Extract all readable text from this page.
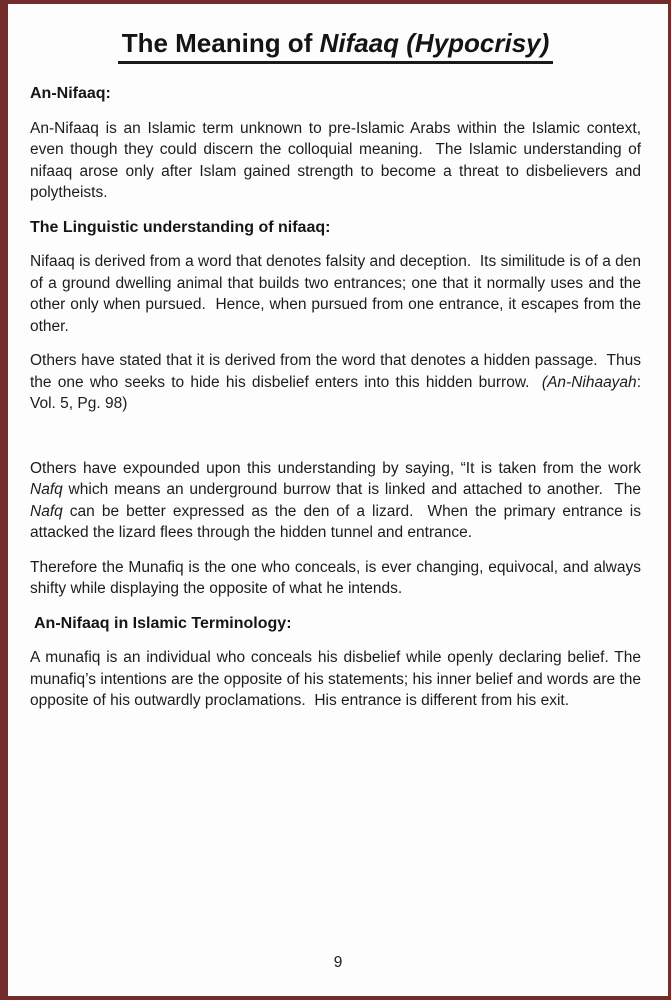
The Meaning of Nifaaq (Hypocrisy)
An-Nifaaq:

An-Nifaaq is an Islamic term unknown to pre-Islamic Arabs within the Islamic context, even though they could discern the colloquial meaning.  The Islamic understanding of nifaaq arose only after Islam gained strength to become a threat to disbelievers and polytheists.

The Linguistic understanding of nifaaq:

Nifaaq is derived from a word that denotes falsity and deception.  Its similitude is of a den of a ground dwelling animal that builds two entrances; one that it normally uses and the other only when pursued.  Hence, when pursued from one entrance, it escapes from the other.

Others have stated that it is derived from the word that denotes a hidden passage.  Thus the one who seeks to hide his disbelief enters into this hidden burrow.  (An-Nihaayah: Vol. 5, Pg. 98)

Others have expounded upon this understanding by saying, “It is taken from the work Nafq which means an underground burrow that is linked and attached to another.  The Nafq can be better expressed as the den of a lizard.  When the primary entrance is attacked the lizard flees through the hidden tunnel and entrance.

Therefore the Munafiq is the one who conceals, is ever changing, equivocal, and always shifty while displaying the opposite of what he intends.

An-Nifaaq in Islamic Terminology:

A munafiq is an individual who conceals his disbelief while openly declaring belief. The munafiq’s intentions are the opposite of his statements; his inner belief and words are the opposite of his outwardly proclamations.  His entrance is different from his exit.

9
